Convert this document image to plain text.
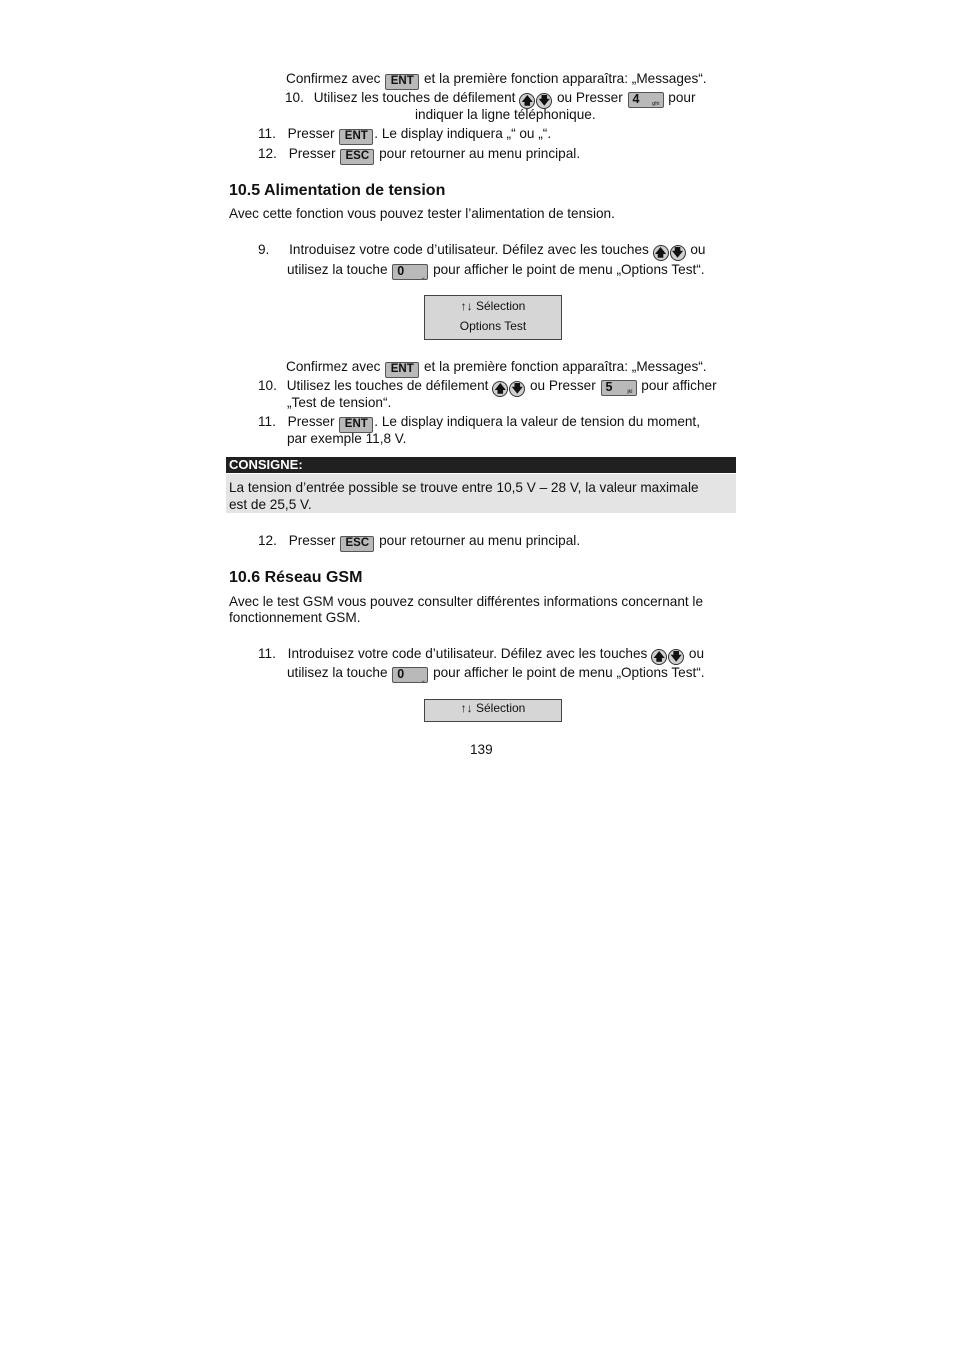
Confirmez avec ENT et la première fonction apparaîtra: „Messages“.
10. Utilisez les touches de défilement 🡅 🡇 ou Presser 4 ghi pour
indiquer la ligne téléphonique.
11. Presser ENT . Le display indiquera „“ ou „“.
12. Presser ESC pour retourner au menu principal.
10.5 Alimentation de tension
Avec cette fonction vous pouvez tester l’alimentation de tension.
9. Introduisez votre code d’utilisateur. Défilez avec les touches 🡅 🡇 ou
utilisez la touche 0	⎵ pour afficher le point de menu „Options Test“.
↑↓ Sélection
Options Test
Confirmez avec ENT et la première fonction apparaîtra: „Messages“.
10. Utilisez les touches de défilement 🡅 🡇 ou Presser 5	jkl pour afficher
„Test de tension“.
11. Presser ENT . Le display indiquera la valeur de tension du moment,
par exemple 11,8 V.
CONSIGNE:
La tension d’entrée possible se trouve entre 10,5 V – 28 V, la valeur maximale
est de 25,5 V.
12. Presser ESC pour retourner au menu principal.
10.6 Réseau GSM
Avec le test GSM vous pouvez consulter différentes informations concernant le
fonctionnement GSM.
11. Introduisez votre code d’utilisateur. Défilez avec les touches 🡅 🡇 ou
utilisez la touche 0	⎵ pour afficher le point de menu „Options Test“.
↑↓ Sélection
139
